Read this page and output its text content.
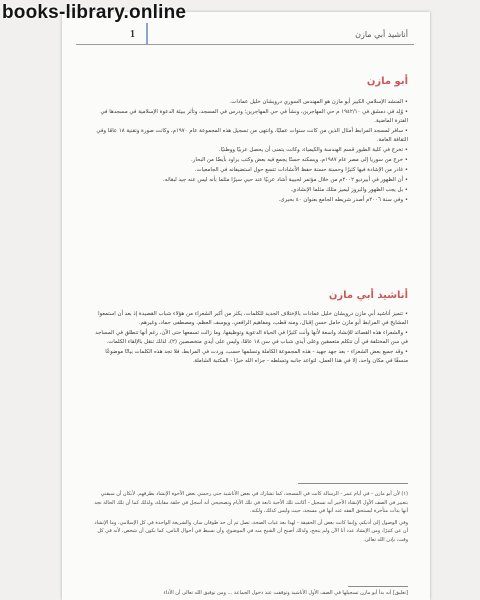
books-library.online
أناشيد أبي مازن
1
أبو مازن

• المنشد الإسلامي الكبير أبو مازن هو المهندس السوري درويشان خليل عمادات.

• وُلِد في دمشق في ١٩٤٢/١٠ م حي المهاجرين، ونشأ في حي المهاجرين؛ ودرس في المسجد، وتأثر ببيئة الدعوة الإسلامية في مسجدها في الفترة الماضية.

• سافر لمسجد المرابط أمثال الذين من كانت سنوات عمليًا، وانتهى من تسجيل هذه المجموعة عام ١٩٧٠م، وكانت صورة وتقنية ١٨ عامًا وفي الثقافة العامة.

• تخرج في كلية الطيور قسم الهندسة والكيمياء، وكانت يتمنى أن يحصل عربيًا ووطنيًا.

• خرج من سوريا إلى مصر عام ١٩٨٧م، ويسكنه حسنًا يجمع فيه بعض وكتب يراود بأيضًا من البحار.

• غادر من الإشادة فيها كثيرًا وحسنة حسنة حفظ الأنشادات تتسع حول استضيفانه في الجامعيات.

• أن الظهور في أبيرديو ٢٠٠٢م من خلال مؤتمر لحبيبة أشاد عربيًا عند حيي سيرًا مثلما بأنه ليس عنه جيد لبقائه.

• بل يجب الظهور والبروز ليميز مثلك مثلما الإنشادي.

• وفي سنة ٢٠٠٦م أصدر شريطه الجامع بعنوان ٤٠ بحيرى.

أناشيد أبي مازن

• تتميز أناشيد أبي مازن درويشان خليل عمادات بالإختلاف الجديد للكلمات، يكثر من أكبر الشعراء من هؤلاء شباب القصيدة إذ بعد أن استمعوا المشايخ في المرابط أبو مازن حامل حسن إقبال، ومنه قطب، ومفاهيم الرافعي، ويوسف العظم، ومصطفى حماد، وغيرهم.

• والشعراء هذه القصائد للإنشاد واسعة لأنها وأنت كثيرًا في الحياة الدعوية وتوظيفها، وما زالت تسمعها حتى الآن، رغم أنها تنطلق في المساجد في سن المختلفة في أن تتكلم متعمقين وعلى أيدي شباب في سن ١٨ عامًا، وليس على أيدي متخصصين (٢)، لذلك تنقل بالإلقاء الكلمات.

• وقد جميع بعض الشعراء - بعد جهد جهيد - هذه المجموعة الكاملة وتسلمها حسب، وردت في المرابط، فلا تجد هذه الكلمات بيانًا موضوعًا منسقًا في مكان واحد، إلا في هذا العمل، لتواعد جانبه وتسلطه - جزاه الله خيرًا - المكتبة الشاملة.

(١) لأن أبو مازن - في أيام عمر - الرسالة كانت في المسجد، كما تشارك في بعض الأناشيد حتى رحمني بعض الأخوة الإنشاد يطرقهم. لأنكان أن سبقني بتعبير في الصف الأول الإنشاد الأخير أنه نسجيل - أكانت تلك الأحبة تابعة في تلك الأيام وتصحيحي أنه أسجل في حلقة مقابلة، ولذلك كما أن تلك الحالة نجد أنها بدأت متأخرة ليستحق الفقه عنه أنها في مسجد، حيث وليس كذلك، ولكنه.

وفي الوصول إلى أذنكم، وإنما كانت بعض أن الحقيقة - لهذا بعد غياب الصحة، تصل ثم أن حد طوفان سار، والشريعة الواحدة في كل الإسلامي، وما الإنشاد أن عن كثيرًا، ومن الإنشاد عدد أنا الآن ولم ينجح، ولذلك أصبح أن الشيخ منه في الموضوع، وأن بسيط في أحوال الناس، كما يكون أن شخص، لأنه في كل وقت، بإذن الله تعالى.

[تعليق] أنه بدأ أبو مازن تسجيلها في الصف الأول الأناشيد وتوقفت عند دخول الجماعة ... ومن توفيق الله تعالى أن الأداء
